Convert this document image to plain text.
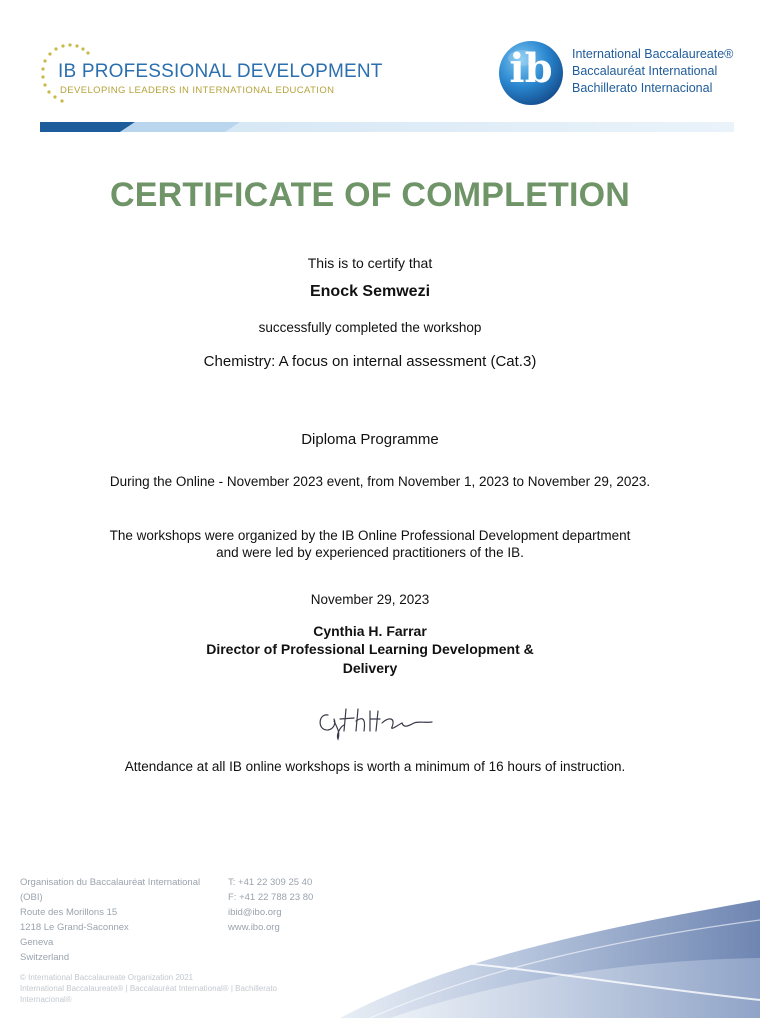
IB PROFESSIONAL DEVELOPMENT
DEVELOPING LEADERS IN INTERNATIONAL EDUCATION	ib	International Baccalaureate®
Baccalauréat International
Bachillerato Internacional
CERTIFICATE OF COMPLETION
This is to certify that
Enock Semwezi
successfully completed the workshop
Chemistry: A focus on internal assessment (Cat.3)
Diploma Programme
During the Online - November 2023 event, from November 1, 2023 to November 29, 2023.
The workshops were organized by the IB Online Professional Development department
and were led by experienced practitioners of the IB.
November 29, 2023
Cynthia H. Farrar
Director of Professional Learning Development &
Delivery
Attendance at all IB online workshops is worth a minimum of 16 hours of instruction.
Organisation du Baccalauréat International
(OBI)
Route des Morillons 15
1218 Le Grand-Saconnex
Geneva
Switzerland
T: +41 22 309 25 40
F: +41 22 788 23 80
ibid@ibo.org
www.ibo.org
© International Baccalaureate Organization 2021
International Baccalaureate® | Baccalauréat International® | Bachillerato
Internacional®
